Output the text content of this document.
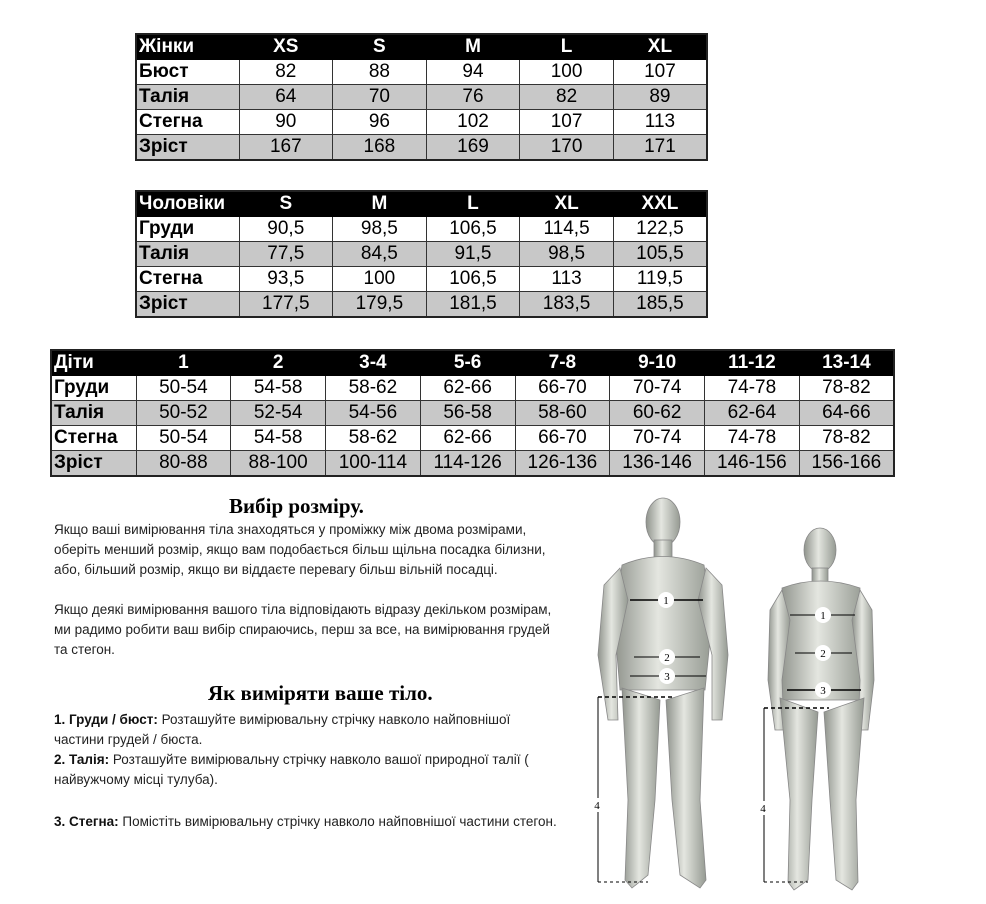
Жінки	XS	S	M	L	XL
Бюст	82	88	94	100	107
Талія	64	70	76	82	89
Стегна	90	96	102	107	113
Зріст	167	168	169	170	171
Чоловіки	S	M	L	XL	XXL
Груди	90,5	98,5	106,5	114,5	122,5
Талія	77,5	84,5	91,5	98,5	105,5
Стегна	93,5	100	106,5	113	119,5
Зріст	177,5	179,5	181,5	183,5	185,5
Діти	1	2	3-4	5-6	7-8	9-10	11-12	13-14
Груди	50-54	54-58	58-62	62-66	66-70	70-74	74-78	78-82
Талія	50-52	52-54	54-56	56-58	58-60	60-62	62-64	64-66
Стегна	50-54	54-58	58-62	62-66	66-70	70-74	74-78	78-82
Зріст	80-88	88-100	100-114	114-126	126-136	136-146	146-156	156-166
Вибір розміру.
Якщо ваші вимірювання тіла знаходяться у проміжку між двома розмірами,
оберіть менший розмір, якщо вам подобається більш щільна посадка білизни,
або, більший розмір, якщо ви віддаєте перевагу більш вільній посадці.
Якщо деякі вимірювання вашого тіла відповідають відразу декільком розмірам,
ми радимо робити ваш вибір спираючись, перш за все, на вимірювання грудей
та стегон.
Як виміряти ваше тіло.
1. Груди / бюст: Розташуйте вимірювальну стрічку навколо найповнішої
частини грудей / бюста.
2. Талія: Розташуйте вимірювальну стрічку навколо вашої природної талії (
найвужчому місці тулуба).
3. Стегна: Помістіть вимірювальну стрічку навколо найповнішої частини стегон.
1
2
3
4
1
2
3
4
